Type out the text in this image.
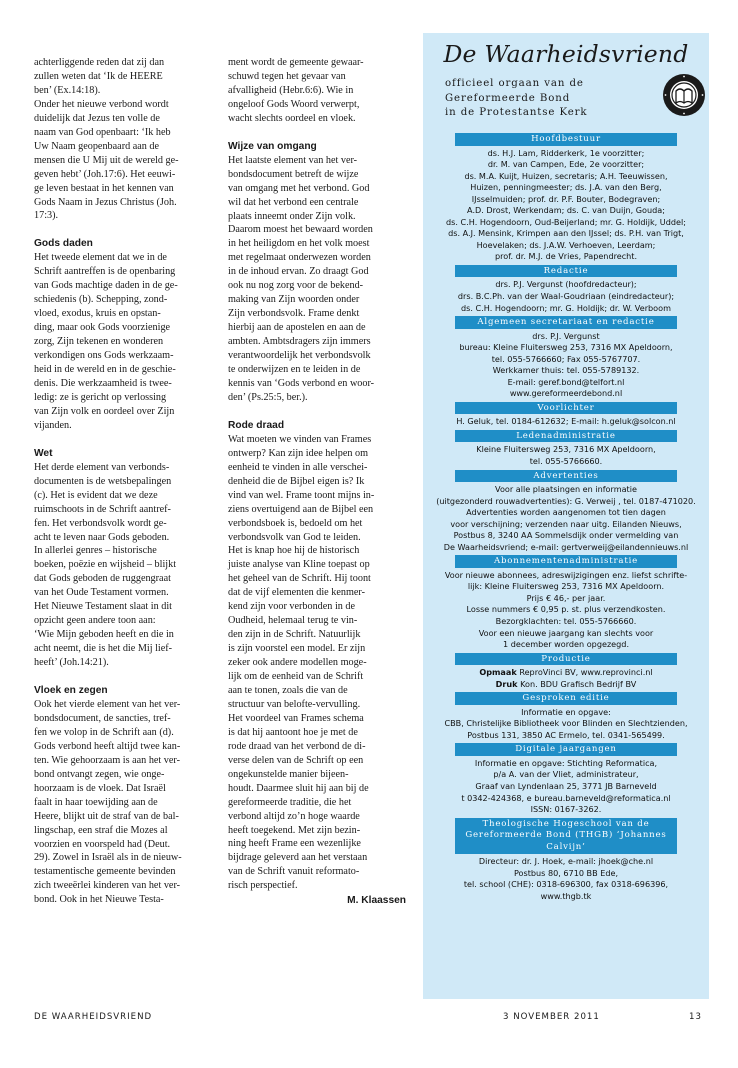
achterliggende reden dat zij dan
zullen weten dat ‘Ik de HEERE
ben’ (Ex.14:18).
Onder het nieuwe verbond wordt
duidelijk dat Jezus ten volle de
naam van God openbaart: ‘Ik heb
Uw Naam geopenbaard aan de
mensen die U Mij uit de wereld ge-
geven hebt’ (Joh.17:6). Het eeuwi-
ge leven bestaat in het kennen van
Gods Naam in Jezus Christus (Joh.
17:3).

Gods daden

Het tweede element dat we in de
Schrift aantreffen is de openbaring
van Gods machtige daden in de ge-
schiedenis (b). Schepping, zond-
vloed, exodus, kruis en opstan-
ding, maar ook Gods voorzienige
zorg, Zijn tekenen en wonderen
verkondigen ons Gods werkzaam-
heid in de wereld en in de geschie-
denis. Die werkzaamheid is twee-
ledig: ze is gericht op verlossing
van Zijn volk en oordeel over Zijn
vijanden.

Wet

Het derde element van verbonds-
documenten is de wetsbepalingen
(c). Het is evident dat we deze
ruimschoots in de Schrift aantref-
fen. Het verbondsvolk wordt ge-
acht te leven naar Gods geboden.
In allerlei genres – historische
boeken, poëzie en wijsheid – blijkt
dat Gods geboden de ruggengraat
van het Oude Testament vormen.
Het Nieuwe Testament slaat in dit
opzicht geen andere toon aan:
‘Wie Mijn geboden heeft en die in
acht neemt, die is het die Mij lief-
heeft’ (Joh.14:21).

Vloek en zegen

Ook het vierde element van het ver-
bondsdocument, de sancties, tref-
fen we volop in de Schrift aan (d).
Gods verbond heeft altijd twee kan-
ten. Wie gehoorzaam is aan het ver-
bond ontvangt zegen, wie onge-
hoorzaam is de vloek. Dat Israël
faalt in haar toewijding aan de
Heere, blijkt uit de straf van de bal-
lingschap, een straf die Mozes al
voorzien en voorspeld had (Deut.
29). Zowel in Israël als in de nieuw-
testamentische gemeente bevinden
zich tweeërlei kinderen van het ver-
bond. Ook in het Nieuwe Testa-

ment wordt de gemeente gewaar-
schuwd tegen het gevaar van
afvalligheid (Hebr.6:6). Wie in
ongeloof Gods Woord verwerpt,
wacht slechts oordeel en vloek.

Wijze van omgang

Het laatste element van het ver-
bondsdocument betreft de wijze
van omgang met het verbond. God
wil dat het verbond een centrale
plaats inneemt onder Zijn volk.
Daarom moest het bewaard worden
in het heiligdom en het volk moest
met regelmaat onderwezen worden
in de inhoud ervan. Zo draagt God
ook nu nog zorg voor de bekend-
making van Zijn woorden onder
Zijn verbondsvolk. Frame denkt
hierbij aan de apostelen en aan de
ambten. Ambtsdragers zijn immers
verantwoordelijk het verbondsvolk
te onderwijzen en te leiden in de
kennis van ‘Gods verbond en woor-
den’ (Ps.25:5, ber.).

Rode draad

Wat moeten we vinden van Frames
ontwerp? Kan zijn idee helpen om
eenheid te vinden in alle verschei-
denheid die de Bijbel eigen is? Ik
vind van wel. Frame toont mijns in-
ziens overtuigend aan de Bijbel een
verbondsboek is, bedoeld om het
verbondsvolk van God te leiden.
Het is knap hoe hij de historisch
juiste analyse van Kline toepast op
het geheel van de Schrift. Hij toont
dat de vijf elementen die kenmer-
kend zijn voor verbonden in de
Oudheid, helemaal terug te vin-
den zijn in de Schrift. Natuurlijk
is zijn voorstel een model. Er zijn
zeker ook andere modellen moge-
lijk om de eenheid van de Schrift
aan te tonen, zoals die van de
structuur van belofte-vervulling.
Het voordeel van Frames schema
is dat hij aantoont hoe je met de
rode draad van het verbond de di-
verse delen van de Schrift op een
ongekunstelde manier bijeen-
houdt. Daarmee sluit hij aan bij de
gereformeerde traditie, die het
verbond altijd zo’n hoge waarde
heeft toegekend. Met zijn bezin-
ning heeft Frame een wezenlijke
bijdrage geleverd aan het verstaan
van de Schrift vanuit reformato-
risch perspectief.

M. Klaassen
De Waarheidsvriend
officieel orgaan van de
Gereformeerde Bond
in de Protestantse Kerk
Hoofdbestuur
ds. H.J. Lam, Ridderkerk, 1e voorzitter;
dr. M. van Campen, Ede, 2e voorzitter;
ds. M.A. Kuijt, Huizen, secretaris; A.H. Teeuwissen,
Huizen, penningmeester; ds. J.A. van den Berg,
IJsselmuiden; prof. dr. P.F. Bouter, Bodegraven;
A.D. Drost, Werkendam; ds. C. van Duijn, Gouda;
ds. C.H. Hogendoorn, Oud-Beijerland; mr. G. Holdijk, Uddel;
ds. A.J. Mensink, Krimpen aan den IJssel; ds. P.H. van Trigt,
Hoevelaken; ds. J.A.W. Verhoeven, Leerdam;
prof. dr. M.J. de Vries, Papendrecht.
Redactie
drs. P.J. Vergunst (hoofdredacteur);
drs. B.C.Ph. van der Waal-Goudriaan (eindredacteur);
ds. C.H. Hogendoorn; mr. G. Holdijk; dr. W. Verboom
Algemeen secretariaat en redactie
drs. P.J. Vergunst
bureau: Kleine Fluitersweg 253, 7316 MX Apeldoorn,
tel. 055-5766660; Fax 055-5767707.
Werkkamer thuis: tel. 055-5789132.
E-mail: geref.bond@telfort.nl
www.gereformeerdebond.nl
Voorlichter
H. Geluk, tel. 0184-612632; E-mail: h.geluk@solcon.nl
Ledenadministratie
Kleine Fluitersweg 253, 7316 MX Apeldoorn,
tel. 055-5766660.
Advertenties
Voor alle plaatsingen en informatie
(uitgezonderd rouwadvertenties): G. Verweij , tel. 0187-471020.
Advertenties worden aangenomen tot tien dagen
voor verschijning; verzenden naar uitg. Eilanden Nieuws,
Postbus 8, 3240 AA Sommelsdijk onder vermelding van
De Waarheidsvriend; e-mail: gertverweij@eilandennieuws.nl
Abonnementenadministratie
Voor nieuwe abonnees, adreswijzigingen enz. liefst schrifte-
lijk: Kleine Fluitersweg 253, 7316 MX Apeldoorn.
Prijs € 46,- per jaar.
Losse nummers € 0,95 p. st. plus verzendkosten.
Bezorgklachten: tel. 055-5766660.
Voor een nieuwe jaargang kan slechts voor
1 december worden opgezegd.
Productie
Opmaak ReproVinci BV, www.reprovinci.nl
Druk Kon. BDU Grafisch Bedrijf BV
Gesproken editie
Informatie en opgave:
CBB, Christelijke Bibliotheek voor Blinden en Slechtzienden,
Postbus 131, 3850 AC Ermelo, tel. 0341-565499.
Digitale jaargangen
Informatie en opgave: Stichting Reformatica,
p/a A. van der Vliet, administrateur,
Graaf van Lyndenlaan 25, 3771 JB Barneveld
t 0342-424368, e bureau.barneveld@reformatica.nl
ISSN: 0167-3262.
Theologische Hogeschool van de Gereformeerde Bond (THGB) ‘Johannes Calvijn’
Directeur: dr. J. Hoek, e-mail: jhoek@che.nl
Postbus 80, 6710 BB Ede,
tel. school (CHE): 0318-696300, fax 0318-696396,
www.thgb.tk
DE WAARHEIDSVRIEND	3 NOVEMBER 2011	13
